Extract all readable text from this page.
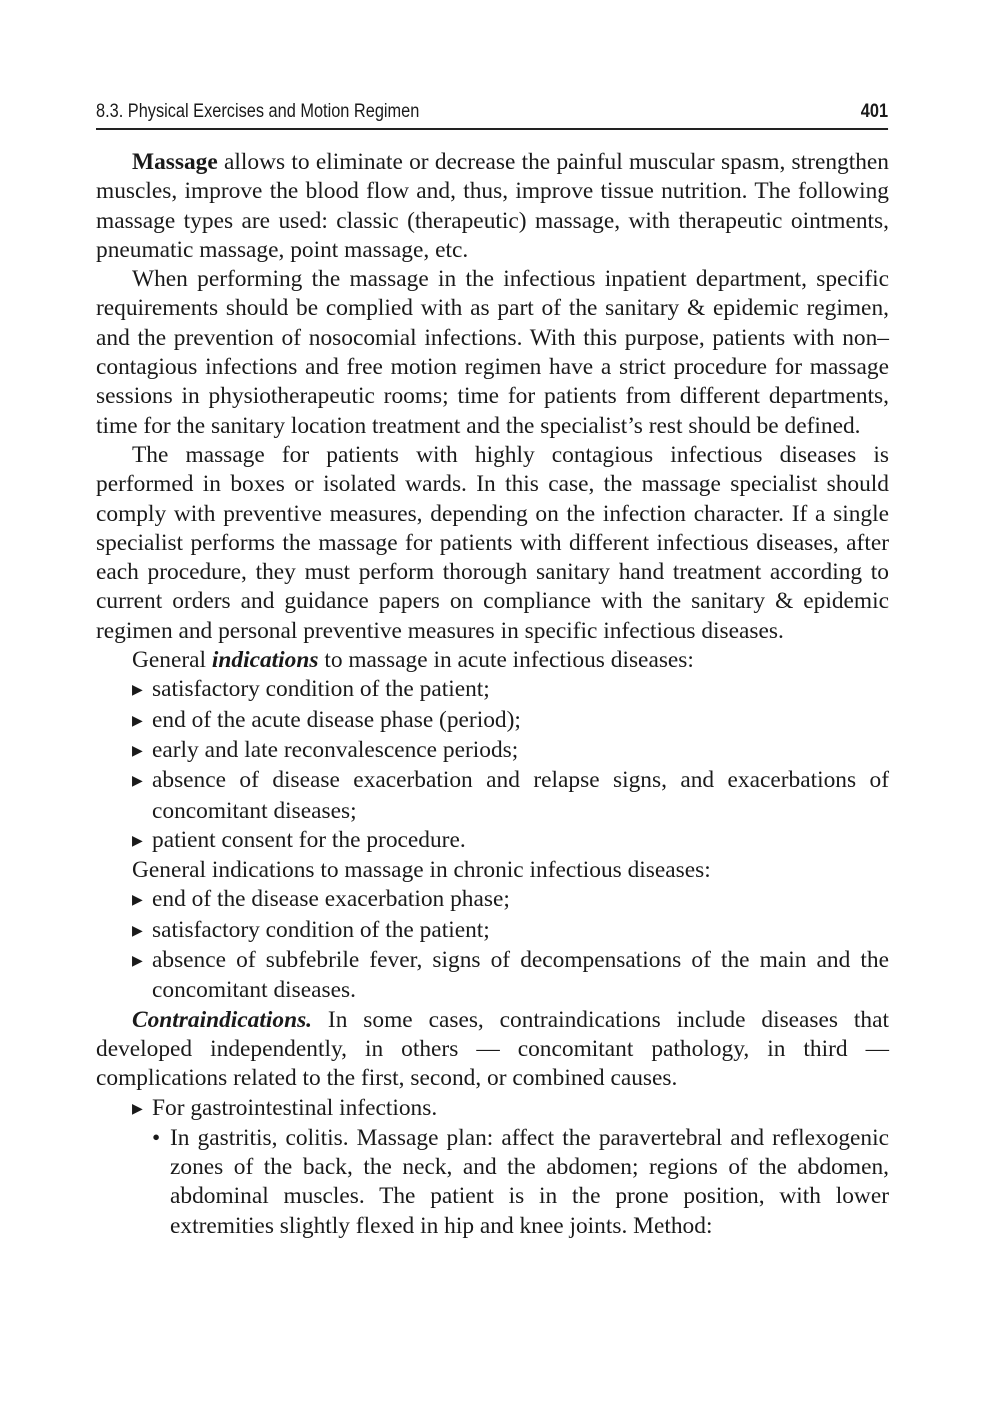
8.3. Physical Exercises and Motion Regimen	401

Massage allows to eliminate or decrease the painful muscular spasm, strengthen muscles, improve the blood flow and, thus, improve tissue nutrition. The following massage types are used: classic (therapeutic) massage, with therapeutic ointments, pneumatic massage, point massage, etc.

When performing the massage in the infectious inpatient department, specific requirements should be complied with as part of the sanitary & epidemic regimen, and the prevention of nosocomial infections. With this purpose, patients with non–contagious infections and free motion regimen have a strict procedure for massage sessions in physiotherapeutic rooms; time for patients from different departments, time for the sanitary location treatment and the specialist’s rest should be defined.

The massage for patients with highly contagious infectious diseases is performed in boxes or isolated wards. In this case, the massage specialist should comply with preventive measures, depending on the infection character. If a single specialist performs the massage for patients with different infectious diseases, after each procedure, they must perform thorough sanitary hand treatment according to current orders and guidance papers on compliance with the sanitary & epidemic regimen and personal preventive measures in specific infectious diseases.

General indications to massage in acute infectious diseases:

▶ satisfactory condition of the patient;

▶ end of the acute disease phase (period);

▶ early and late reconvalescence periods;

▶ absence of disease exacerbation and relapse signs, and exacerbations of concomitant diseases;

▶ patient consent for the procedure.

General indications to massage in chronic infectious diseases:

▶ end of the disease exacerbation phase;

▶ satisfactory condition of the patient;

▶ absence of subfebrile fever, signs of decompensations of the main and the concomitant diseases.

Contraindications. In some cases, contraindications include diseases that developed independently, in others — concomitant pathology, in third — complications related to the first, second, or combined causes.

▶ For gastrointestinal infections.

• In gastritis, colitis. Massage plan: affect the paravertebral and reflexogenic zones of the back, the neck, and the abdomen; regions of the abdomen, abdominal muscles. The patient is in the prone position, with lower extremities slightly flexed in hip and knee joints. Method:
